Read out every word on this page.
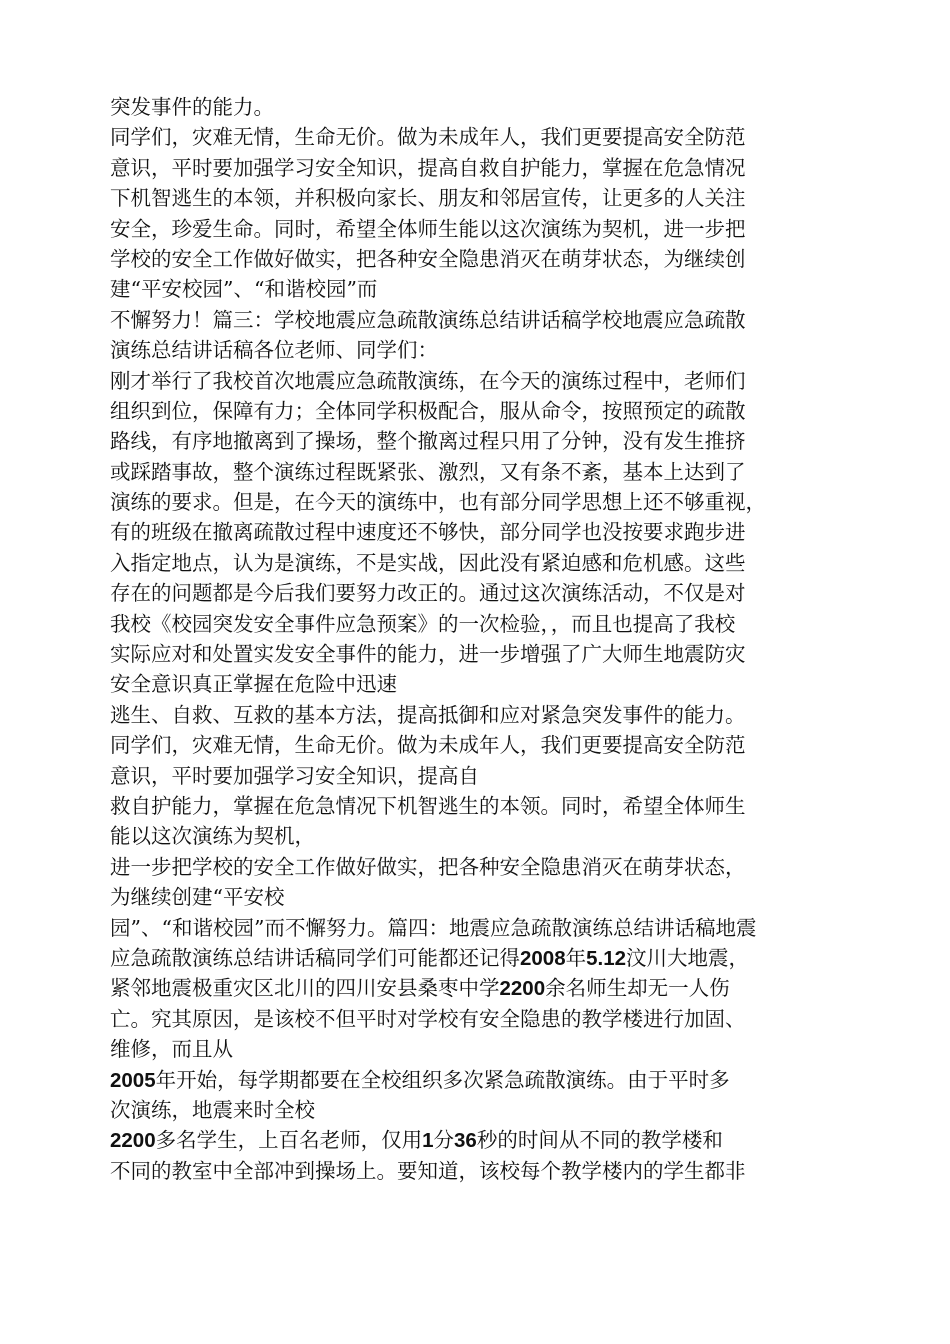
突发事件的能力。
同学们，灾难无情，生命无价。做为未成年人，我们更要提高安全防范
意识，平时要加强学习安全知识，提高自救自护能力，掌握在危急情况
下机智逃生的本领，并积极向家长、朋友和邻居宣传，让更多的人关注
安全，珍爱生命。同时，希望全体师生能以这次演练为契机，进一步把
学校的安全工作做好做实，把各种安全隐患消灭在萌芽状态，为继续创
建“平安校园”、“和谐校园”而
不懈努力！篇三：学校地震应急疏散演练总结讲话稿学校地震应急疏散
演练总结讲话稿各位老师、同学们：
刚才举行了我校首次地震应急疏散演练，在今天的演练过程中，老师们
组织到位，保障有力；全体同学积极配合，服从命令，按照预定的疏散
路线，有序地撤离到了操场，整个撤离过程只用了分钟，没有发生推挤
或踩踏事故，整个演练过程既紧张、激烈，又有条不紊，基本上达到了
演练的要求。但是，在今天的演练中，也有部分同学思想上还不够重视，
有的班级在撤离疏散过程中速度还不够快，部分同学也没按要求跑步进
入指定地点，认为是演练，不是实战，因此没有紧迫感和危机感。这些
存在的问题都是今后我们要努力改正的。通过这次演练活动，不仅是对
我校《校园突发安全事件应急预案》的一次检验，，而且也提高了我校
实际应对和处置实发安全事件的能力，进一步增强了广大师生地震防灾
安全意识真正掌握在危险中迅速
逃生、自救、互救的基本方法，提高抵御和应对紧急突发事件的能力。
同学们，灾难无情，生命无价。做为未成年人，我们更要提高安全防范
意识，平时要加强学习安全知识，提高自
救自护能力，掌握在危急情况下机智逃生的本领。同时，希望全体师生
能以这次演练为契机，
进一步把学校的安全工作做好做实，把各种安全隐患消灭在萌芽状态，
为继续创建“平安校
园”、“和谐校园”而不懈努力。篇四：地震应急疏散演练总结讲话稿地震
应急疏散演练总结讲话稿同学们可能都还记得2008年5.12汶川大地震，
紧邻地震极重灾区北川的四川安县桑枣中学2200余名师生却无一人伤
亡。究其原因，是该校不但平时对学校有安全隐患的教学楼进行加固、
维修，而且从
2005年开始，每学期都要在全校组织多次紧急疏散演练。由于平时多
次演练，地震来时全校
2200多名学生，上百名老师，仅用1分36秒的时间从不同的教学楼和
不同的教室中全部冲到操场上。要知道，该校每个教学楼内的学生都非
